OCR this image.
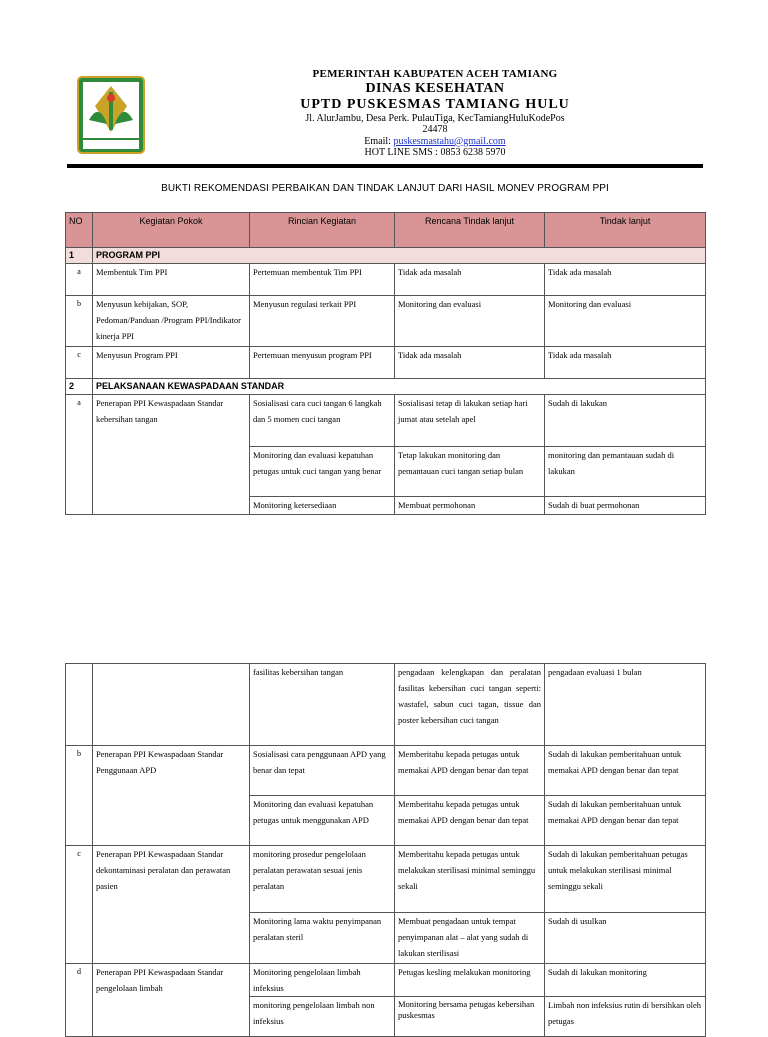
PEMERINTAH KABUPATEN ACEH TAMIANG
DINAS KESEHATAN
UPTD PUSKESMAS TAMIANG HULU
Jl. AlurJambu, Desa Perk. PulauTiga, KecTamiangHuluKodePos
24478
Email: puskesmastahu@gmail.com
HOT LINE SMS : 0853 6238 5970
BUKTI REKOMENDASI PERBAIKAN DAN TINDAK LANJUT DARI HASIL MONEV PROGRAM PPI
NO	Kegiatan Pokok	Rincian Kegiatan	Rencana Tindak lanjut	Tindak lanjut
1	PROGRAM PPI			
a	Membentuk Tim PPI	Pertemuan membentuk Tim PPI	Tidak ada masalah	Tidak ada masalah
b	Menyusun kebijakan, SOP, Pedoman/Panduan /Program PPI/Indikator kinerja PPI	Menyusun regulasi terkait PPI	Monitoring dan evaluasi	Monitoring dan evaluasi
c	Menyusun Program PPI	Pertemuan menyusun program PPI	Tidak ada masalah	Tidak ada masalah
2	PELAKSANAAN KEWASPADAAN STANDAR			
a	Penerapan PPI Kewaspadaan Standar kebersihan tangan	Sosialisasi cara cuci tangan 6 langkah dan 5 momen cuci tangan	Sosialisasi tetap di lakukan setiap hari jumat atau setelah apel	Sudah di lakukan
		Monitoring dan evaluasi kepatuhan petugas untuk cuci tangan yang benar	Tetap lakukan monitoring dan pemantauan cuci tangan setiap bulan	monitoring dan pemantauan sudah di lakukan
		Monitoring ketersediaan	Membuat permohonan	Sudah di buat permohonan
		fasilitas kebersihan tangan	pengadaan kelengkapan dan peralatan fasilitas kebersihan cuci tangan seperti: wastafel, sabun cuci tagan, tissue dan poster kebersihan cuci tangan	pengadaan evaluasi 1 bulan
b	Penerapan PPI Kewaspadaan Standar Penggunaan APD	Sosialisasi cara penggunaan APD yang benar dan tepat	Memberitahu kepada petugas untuk memakai APD dengan benar dan tepat	Sudah di lakukan pemberitahuan untuk memakai APD dengan benar dan tepat
		Monitoring dan evaluasi kepatuhan petugas untuk menggunakan APD	Memberitahu kepada petugas untuk memakai APD dengan benar dan tepat	Sudah di lakukan pemberitahuan untuk memakai APD dengan benar dan tepat
c	Penerapan PPI Kewaspadaan Standar dekontaminasi peralatan dan perawatan pasien	monitoring prosedur pengelolaan peralatan perawatan sesuai jenis peralatan	Memberitahu kepada petugas untuk melakukan sterilisasi minimal seminggu sekali	Sudah di lakukan pemberitahuan petugas untuk melakukan sterilisasi minimal seminggu sekali
		Monitoring lama waktu penyimpanan peralatan steril	Membuat pengadaan untuk tempat penyimpanan alat – alat yang sudah di lakukan sterilisasi	Sudah di usulkan
d	Penerapan PPI Kewaspadaan Standar pengelolaan limbah	Monitoring pengelolaan limbah infeksius	Petugas kesling melakukan monitoring	Sudah di lakukan monitoring
		monitoring pengelolaan limbah non infeksius	Monitoring bersama petugas kebersihan puskesmas	Limbah non infeksius rutin di bersihkan oleh petugas
